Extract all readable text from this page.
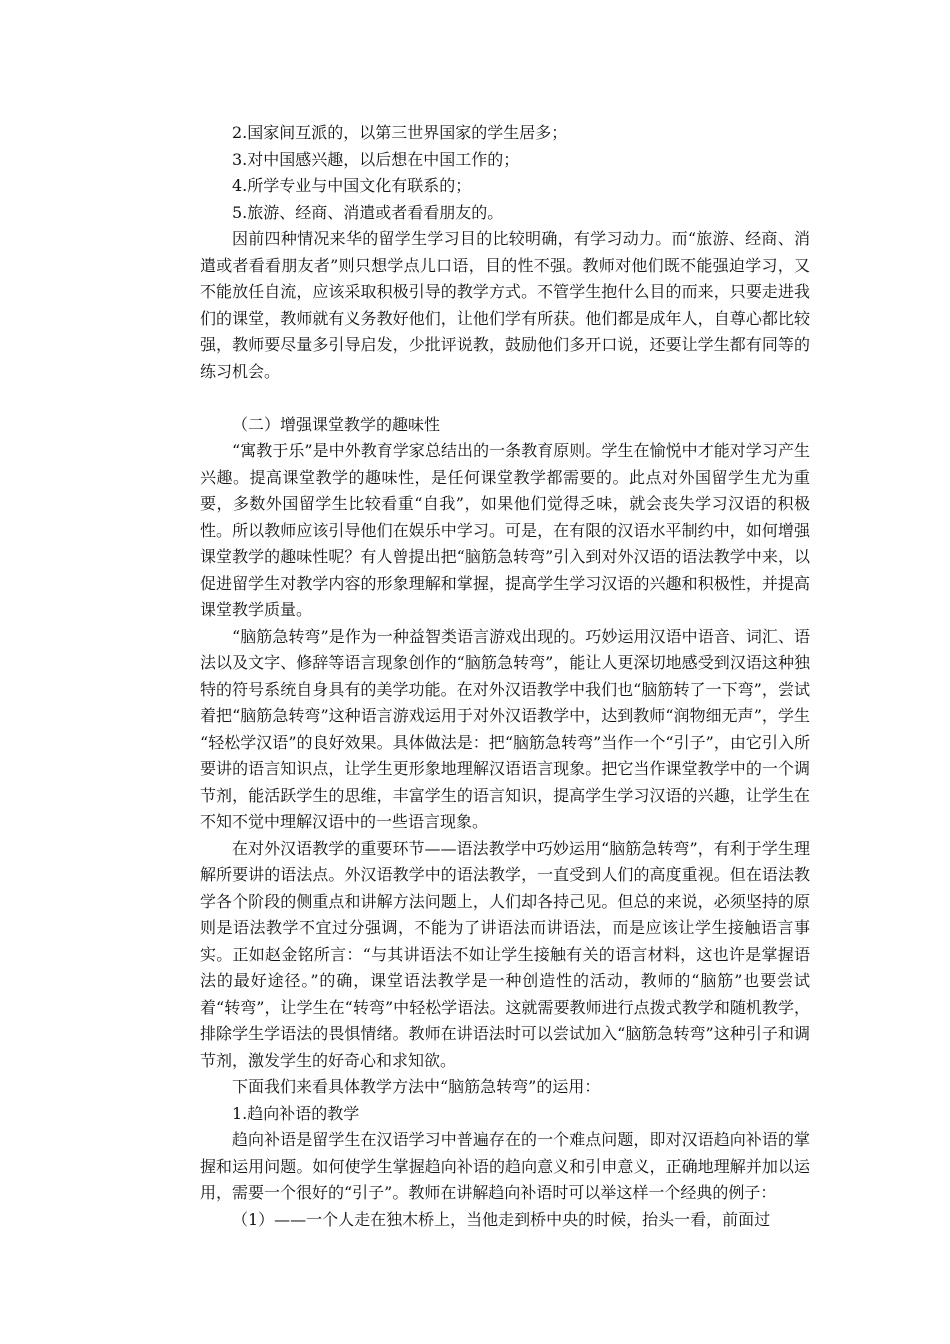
2.国家间互派的，以第三世界国家的学生居多；

3.对中国感兴趣，以后想在中国工作的；

4.所学专业与中国文化有联系的；

5.旅游、经商、消遣或者看看朋友的。

因前四种情况来华的留学生学习目的比较明确，有学习动力。而“旅游、经商、消遣或者看看朋友者”则只想学点儿口语，目的性不强。教师对他们既不能强迫学习，又不能放任自流，应该采取积极引导的教学方式。不管学生抱什么目的而来，只要走进我们的课堂，教师就有义务教好他们，让他们学有所获。他们都是成年人，自尊心都比较强，教师要尽量多引导启发，少批评说教，鼓励他们多开口说，还要让学生都有同等的练习机会。

（二）增强课堂教学的趣味性

“寓教于乐”是中外教育学家总结出的一条教育原则。学生在愉悦中才能对学习产生兴趣。提高课堂教学的趣味性，是任何课堂教学都需要的。此点对外国留学生尤为重要，多数外国留学生比较看重“自我”，如果他们觉得乏味，就会丧失学习汉语的积极性。所以教师应该引导他们在娱乐中学习。可是，在有限的汉语水平制约中，如何增强课堂教学的趣味性呢？有人曾提出把“脑筋急转弯”引入到对外汉语的语法教学中来，以促进留学生对教学内容的形象理解和掌握，提高学生学习汉语的兴趣和积极性，并提高课堂教学质量。

“脑筋急转弯”是作为一种益智类语言游戏出现的。巧妙运用汉语中语音、词汇、语法以及文字、修辞等语言现象创作的“脑筋急转弯”，能让人更深切地感受到汉语这种独特的符号系统自身具有的美学功能。在对外汉语教学中我们也“脑筋转了一下弯”，尝试着把“脑筋急转弯”这种语言游戏运用于对外汉语教学中，达到教师“润物细无声”，学生 “轻松学汉语”的良好效果。具体做法是：把“脑筋急转弯”当作一个“引子”，由它引入所要讲的语言知识点，让学生更形象地理解汉语语言现象。把它当作课堂教学中的一个调节剂，能活跃学生的思维，丰富学生的语言知识，提高学生学习汉语的兴趣，让学生在不知不觉中理解汉语中的一些语言现象。

在对外汉语教学的重要环节——语法教学中巧妙运用“脑筋急转弯”，有利于学生理解所要讲的语法点。外汉语教学中的语法教学，一直受到人们的高度重视。但在语法教学各个阶段的侧重点和讲解方法问题上，人们却各持己见。但总的来说，必须坚持的原则是语法教学不宜过分强调，不能为了讲语法而讲语法，而是应该让学生接触语言事实。正如赵金铭所言：“与其讲语法不如让学生接触有关的语言材料，这也许是掌握语法的最好途径。”的确，课堂语法教学是一种创造性的活动，教师的“脑筋”也要尝试着“转弯”，让学生在“转弯”中轻松学语法。这就需要教师进行点拨式教学和随机教学，排除学生学语法的畏惧情绪。教师在讲语法时可以尝试加入“脑筋急转弯”这种引子和调节剂，激发学生的好奇心和求知欲。

下面我们来看具体教学方法中“脑筋急转弯”的运用：

1.趋向补语的教学

趋向补语是留学生在汉语学习中普遍存在的一个难点问题，即对汉语趋向补语的掌握和运用问题。如何使学生掌握趋向补语的趋向意义和引申意义，正确地理解并加以运用，需要一个很好的“引子”。教师在讲解趋向补语时可以举这样一个经典的例子：

（1）——一个人走在独木桥上，当他走到桥中央的时候，抬头一看，前面过
